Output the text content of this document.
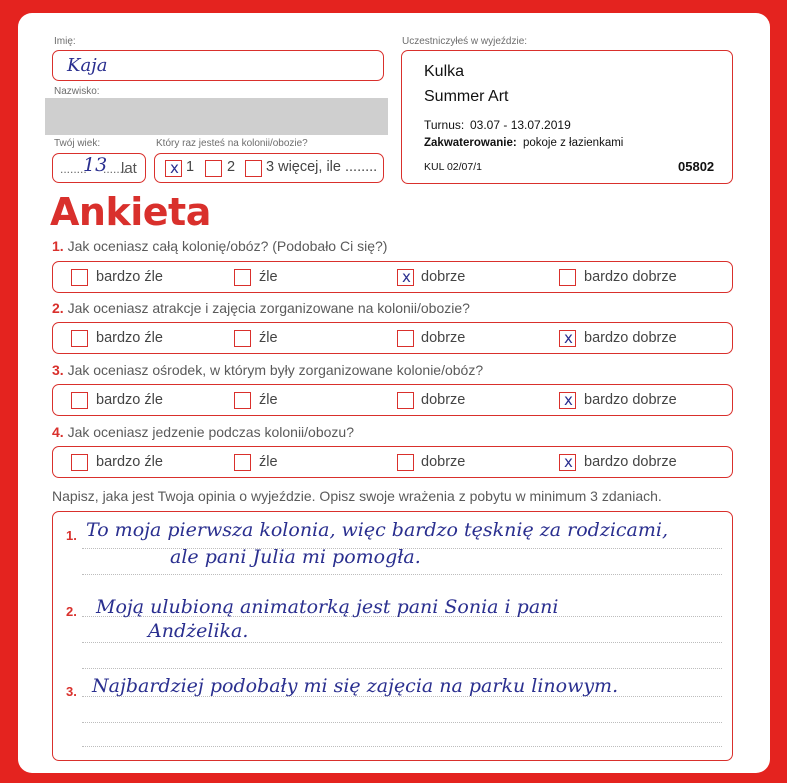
Imię:
Kaja
Nazwisko:
Twój wiek:
........
13
.......
lat
Który raz jesteś na kolonii/obozie?
x 1 2 3 więcej, ile ........
Uczestniczyłeś w wyjeździe:
Kulka
Summer Art
Turnus: 03.07 - 13.07.2019
Zakwaterowanie: pokoje z łazienkami
KUL 02/07/1	05802
Ankieta
1. Jak oceniasz całą kolonię/obóz? (Podobało Ci się?)
bardzo źle	źle	x dobrze	bardzo dobrze
2. Jak oceniasz atrakcje i zajęcia zorganizowane na kolonii/obozie?
bardzo źle	źle	dobrze	x bardzo dobrze
3. Jak oceniasz ośrodek, w którym były zorganizowane kolonie/obóz?
bardzo źle	źle	dobrze	x bardzo dobrze
4. Jak oceniasz jedzenie podczas kolonii/obozu?
bardzo źle	źle	dobrze	x bardzo dobrze
Napisz, jaka jest Twoja opinia o wyjeździe. Opisz swoje wrażenia z pobytu w minimum 3 zdaniach.
1. To moja pierwsza kolonia, więc bardzo tęsknię za rodzicami,
ale pani Julia mi pomogła.
2. Moją ulubioną animatorką jest pani Sonia i pani
Andżelika.
3. Najbardziej podobały mi się zajęcia na parku linowym.
